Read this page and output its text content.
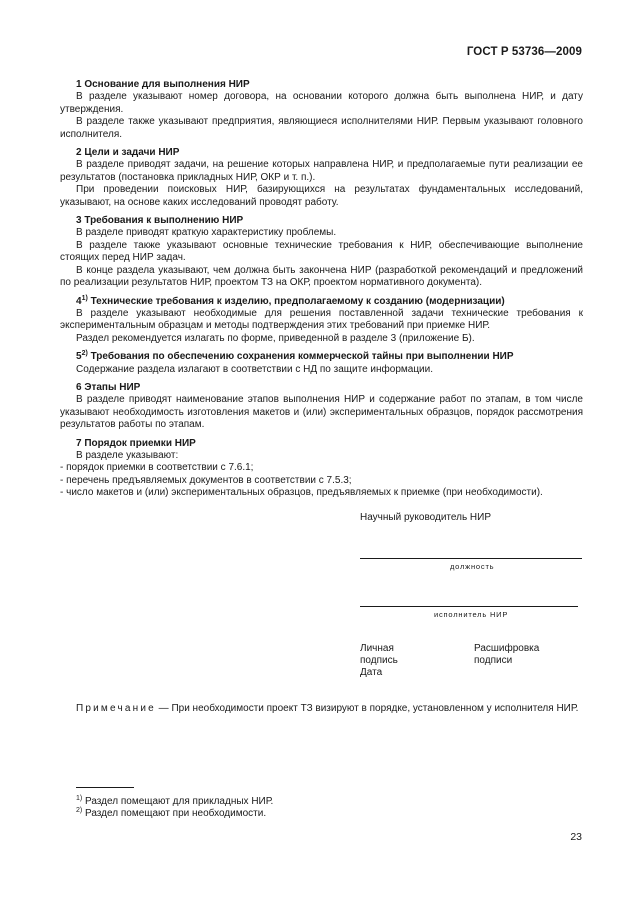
ГОСТ Р 53736—2009
1 Основание для выполнения НИР

В разделе указывают номер договора, на основании которого должна быть выполнена НИР, и дату утверждения.

В разделе также указывают предприятия, являющиеся исполнителями НИР. Первым указывают головного исполнителя.

2 Цели и задачи НИР

В разделе приводят задачи, на решение которых направлена НИР, и предполагаемые пути реализации ее результатов (постановка прикладных НИР, ОКР и т. п.).

При проведении поисковых НИР, базирующихся на результатах фундаментальных исследований, указывают, на основе каких исследований проводят работу.

3 Требования к выполнению НИР

В разделе приводят краткую характеристику проблемы.

В разделе также указывают основные технические требования к НИР, обеспечивающие выполнение стоящих перед НИР задач.

В конце раздела указывают, чем должна быть закончена НИР (разработкой рекомендаций и предложений по реализации результатов НИР, проектом ТЗ на ОКР, проектом нормативного документа).

4$^{1)}$ Технические требования к изделию, предполагаемому к созданию (модернизации)

В разделе указывают необходимые для решения поставленной задачи технические требования к экспериментальным образцам и методы подтверждения этих требований при приемке НИР.

Раздел рекомендуется излагать по форме, приведенной в разделе 3 (приложение Б).

5$^{2)}$ Требования по обеспечению сохранения коммерческой тайны при выполнении НИР

Содержание раздела излагают в соответствии с НД по защите информации.

6 Этапы НИР

В разделе приводят наименование этапов выполнения НИР и содержание работ по этапам, в том числе указывают необходимость изготовления макетов и (или) экспериментальных образцов, порядок рассмотрения результатов работы по этапам.

7 Порядок приемки НИР

В разделе указывают:

- порядок приемки в соответствии с 7.6.1;

- перечень предъявляемых документов в соответствии с 7.5.3;

- число макетов и (или) экспериментальных образцов, предъявляемых к приемке (при необходимости).

Научный руководитель НИР
должность
исполнитель НИР
Личная
подпись
Дата
Расшифровка
подписи
Примечание — При необходимости проект ТЗ визируют в порядке, установленном у исполнителя НИР.
$^{1)}$ Раздел помещают для прикладных НИР.
$^{2)}$ Раздел помещают при необходимости.
23
